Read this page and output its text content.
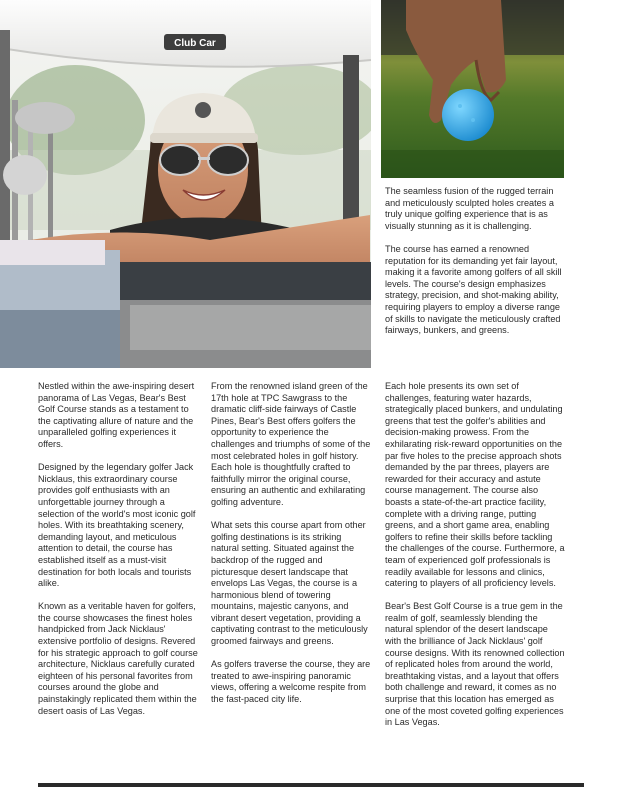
Club Car

The seamless fusion of the rugged terrain and meticulously sculpted holes creates a truly unique golfing experience that is as visually stunning as it is challenging.

The course has earned a renowned reputation for its demanding yet fair layout, making it a favorite among golfers of all skill levels. The course's design emphasizes strategy, precision, and shot-making ability, requiring players to employ a diverse range of skills to navigate the meticulously crafted fairways, bunkers, and greens.

Nestled within the awe-inspiring desert panorama of Las Vegas, Bear's Best Golf Course stands as a testament to the captivating allure of nature and the unparalleled golfing experiences it offers.

Designed by the legendary golfer Jack Nicklaus, this extraordinary course provides golf enthusiasts with an unforgettable journey through a selection of the world's most iconic golf holes. With its breathtaking scenery, demanding layout, and meticulous attention to detail, the course has established itself as a must-visit destination for both locals and tourists alike.

Known as a veritable haven for golfers, the course showcases the finest holes handpicked from Jack Nicklaus' extensive portfolio of designs. Revered for his strategic approach to golf course architecture, Nicklaus carefully curated eighteen of his personal favorites from courses around the globe and painstakingly replicated them within the desert oasis of Las Vegas.

From the renowned island green of the 17th hole at TPC Sawgrass to the dramatic cliff-side fairways of Castle Pines, Bear's Best offers golfers the opportunity to experience the challenges and triumphs of some of the most celebrated holes in golf history. Each hole is thoughtfully crafted to faithfully mirror the original course, ensuring an authentic and exhilarating golfing adventure.

What sets this course apart from other golfing destinations is its striking natural setting. Situated against the backdrop of the rugged and picturesque desert landscape that envelops Las Vegas, the course is a harmonious blend of towering mountains, majestic canyons, and vibrant desert vegetation, providing a captivating contrast to the meticulously groomed fairways and greens.

As golfers traverse the course, they are treated to awe-inspiring panoramic views, offering a welcome respite from the fast-paced city life.

Each hole presents its own set of challenges, featuring water hazards, strategically placed bunkers, and undulating greens that test the golfer's abilities and decision-making prowess. From the exhilarating risk-reward opportunities on the par five holes to the precise approach shots demanded by the par threes, players are rewarded for their accuracy and astute course management. The course also boasts a state-of-the-art practice facility, complete with a driving range, putting greens, and a short game area, enabling golfers to refine their skills before tackling the challenges of the course. Furthermore, a team of experienced golf professionals is readily available for lessons and clinics, catering to players of all proficiency levels.

Bear's Best Golf Course is a true gem in the realm of golf, seamlessly blending the natural splendor of the desert landscape with the brilliance of Jack Nicklaus' golf course designs. With its renowned collection of replicated holes from around the world, breathtaking vistas, and a layout that offers both challenge and reward, it comes as no surprise that this location has emerged as one of the most coveted golfing experiences in Las Vegas.
